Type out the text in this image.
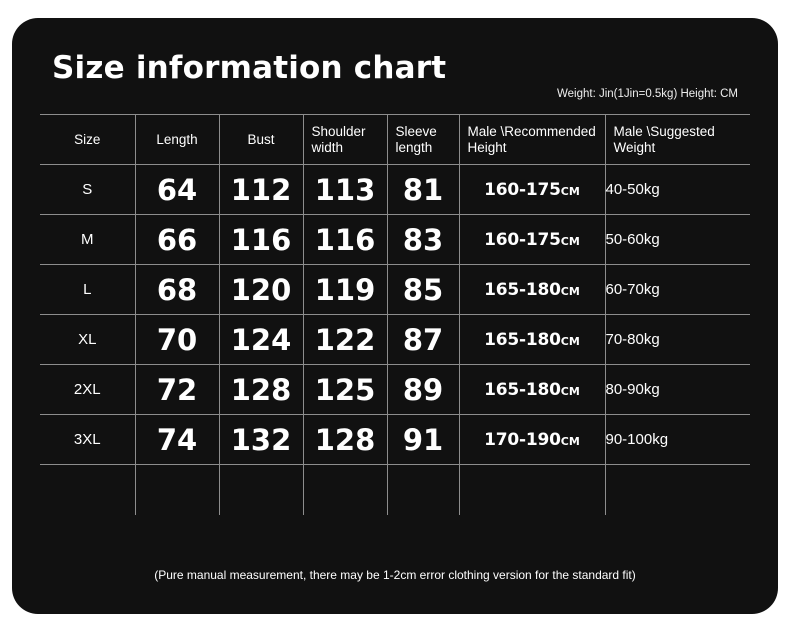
Size information chart
Weight: Jin(1Jin=0.5kg) Height: CM
Size	Length	Bust	Shoulder width	Sleeve length	Male \Recommended Height	Male \Suggested Weight
S	64	112	113	81	160-175CM	40-50kg
M	66	116	116	83	160-175CM	50-60kg
L	68	120	119	85	165-180CM	60-70kg
XL	70	124	122	87	165-180CM	70-80kg
2XL	72	128	125	89	165-180CM	80-90kg
3XL	74	132	128	91	170-190CM	90-100kg

(Pure manual measurement, there may be 1-2cm error clothing version for the standard fit)
